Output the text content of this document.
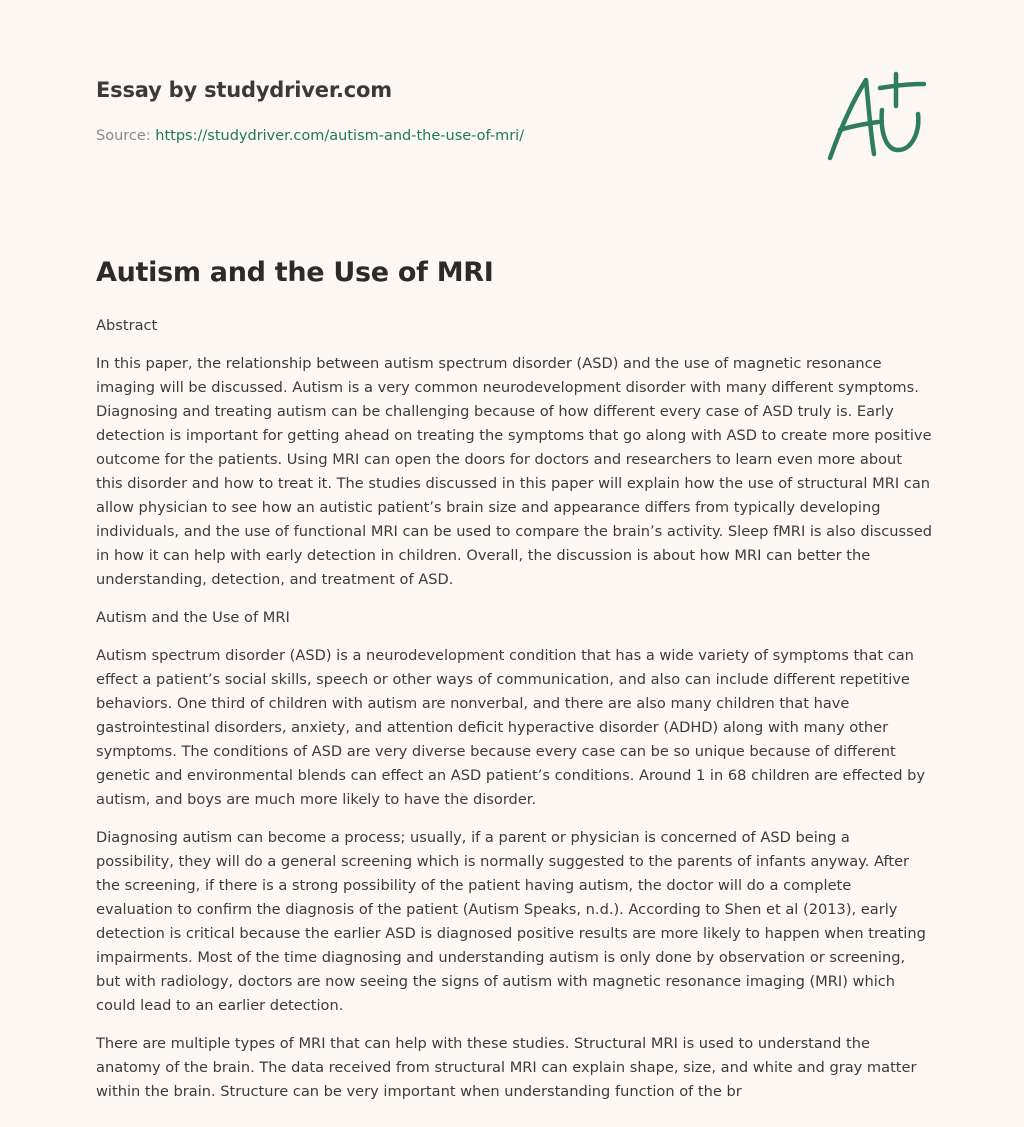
Essay by studydriver.com

Source: https://studydriver.com/autism-and-the-use-of-mri/
Autism and the Use of MRI

Abstract

In this paper, the relationship between autism spectrum disorder (ASD) and the use of magnetic resonance imaging will be discussed. Autism is a very common neurodevelopment disorder with many different symptoms. Diagnosing and treating autism can be challenging because of how different every case of ASD truly is. Early detection is important for getting ahead on treating the symptoms that go along with ASD to create more positive outcome for the patients. Using MRI can open the doors for doctors and researchers to learn even more about this disorder and how to treat it. The studies discussed in this paper will explain how the use of structural MRI can allow physician to see how an autistic patient’s brain size and appearance differs from typically developing individuals, and the use of functional MRI can be used to compare the brain’s activity. Sleep fMRI is also discussed in how it can help with early detection in children. Overall, the discussion is about how MRI can better the understanding, detection, and treatment of ASD.

Autism and the Use of MRI

Autism spectrum disorder (ASD) is a neurodevelopment condition that has a wide variety of symptoms that can effect a patient’s social skills, speech or other ways of communication, and also can include different repetitive behaviors. One third of children with autism are nonverbal, and there are also many children that have gastrointestinal disorders, anxiety, and attention deficit hyperactive disorder (ADHD) along with many other symptoms. The conditions of ASD are very diverse because every case can be so unique because of different genetic and environmental blends can effect an ASD patient’s conditions. Around 1 in 68 children are effected by autism, and boys are much more likely to have the disorder.

Diagnosing autism can become a process; usually, if a parent or physician is concerned of ASD being a possibility, they will do a general screening which is normally suggested to the parents of infants anyway. After the screening, if there is a strong possibility of the patient having autism, the doctor will do a complete evaluation to confirm the diagnosis of the patient (Autism Speaks, n.d.). According to Shen et al (2013), early detection is critical because the earlier ASD is diagnosed positive results are more likely to happen when treating impairments. Most of the time diagnosing and understanding autism is only done by observation or screening, but with radiology, doctors are now seeing the signs of autism with magnetic resonance imaging (MRI) which could lead to an earlier detection.

There are multiple types of MRI that can help with these studies. Structural MRI is used to understand the anatomy of the brain. The data received from structural MRI can explain shape, size, and white and gray matter within the brain. Structure can be very important when understanding function of the br
